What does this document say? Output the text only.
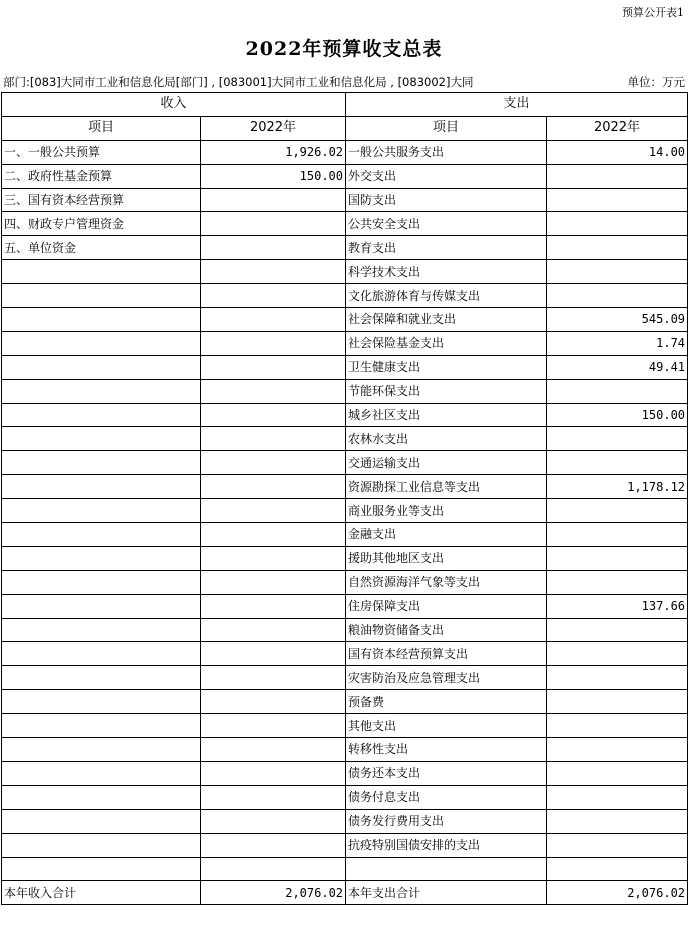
预算公开表1
2022年预算收支总表
部门:[083]大同市工业和信息化局[部门] , [083001]大同市工业和信息化局 , [083002]大同	单位：万元
收入		支出	
项目	2022年	项目	2022年
一、一般公共预算	1,926.02	一般公共服务支出	14.00
二、政府性基金预算	150.00	外交支出	
三、国有资本经营预算		国防支出	
四、财政专户管理资金		公共安全支出	
五、单位资金		教育支出	
		科学技术支出	
		文化旅游体育与传媒支出	
		社会保障和就业支出	545.09
		社会保险基金支出	1.74
		卫生健康支出	49.41
		节能环保支出	
		城乡社区支出	150.00
		农林水支出	
		交通运输支出	
		资源勘探工业信息等支出	1,178.12
		商业服务业等支出	
		金融支出	
		援助其他地区支出	
		自然资源海洋气象等支出	
		住房保障支出	137.66
		粮油物资储备支出	
		国有资本经营预算支出	
		灾害防治及应急管理支出	
		预备费	
		其他支出	
		转移性支出	
		债务还本支出	
		债务付息支出	
		债务发行费用支出	
		抗疫特别国债安排的支出	

本年收入合计	2,076.02	本年支出合计	2,076.02
